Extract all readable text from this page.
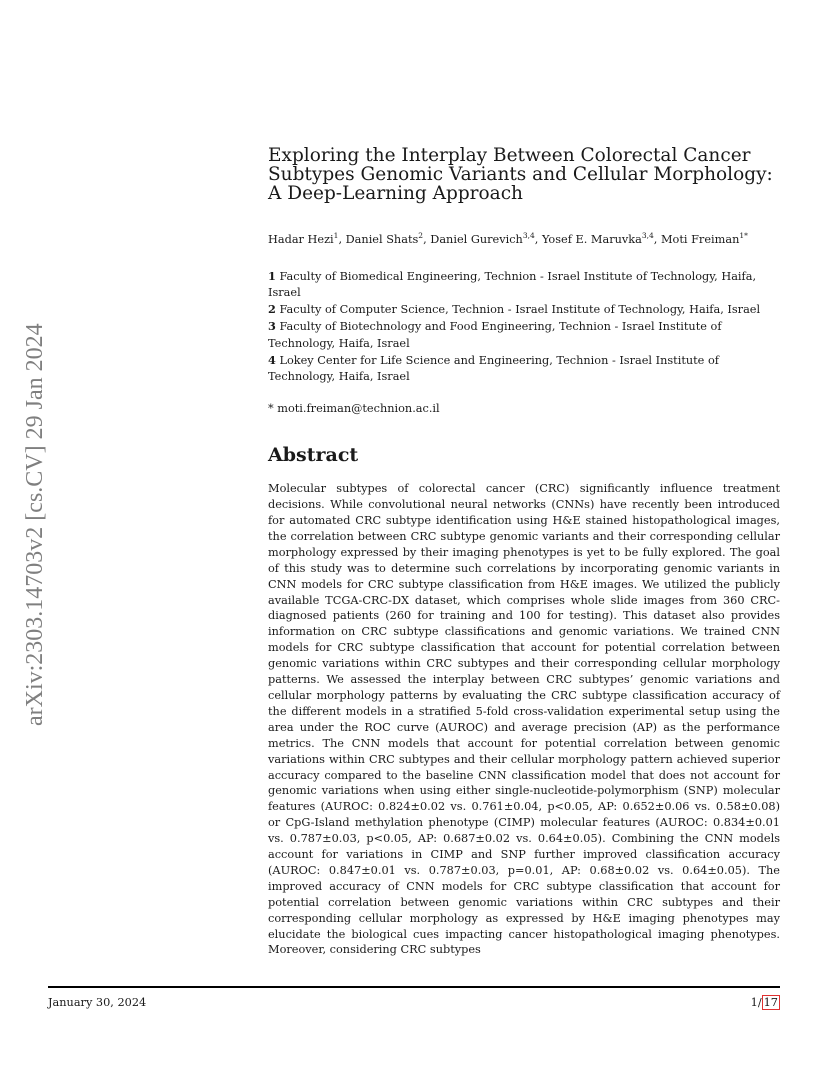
arXiv:2303.14703v2 [cs.CV] 29 Jan 2024
Exploring the Interplay Between Colorectal Cancer Subtypes Genomic Variants and Cellular Morphology: A Deep-Learning Approach
Hadar Hezi$^1$, Daniel Shats$^2$, Daniel Gurevich$^{3,4}$, Yosef E. Maruvka$^{3,4}$, Moti Freiman$^{1*}$
1 Faculty of Biomedical Engineering, Technion - Israel Institute of Technology, Haifa, Israel
2 Faculty of Computer Science, Technion - Israel Institute of Technology, Haifa, Israel
3 Faculty of Biotechnology and Food Engineering, Technion - Israel Institute of Technology, Haifa, Israel
4 Lokey Center for Life Science and Engineering, Technion - Israel Institute of Technology, Haifa, Israel
* moti.freiman@technion.ac.il
Abstract

Molecular subtypes of colorectal cancer (CRC) significantly influence treatment decisions. While convolutional neural networks (CNNs) have recently been introduced for automated CRC subtype identification using H&E stained histopathological images, the correlation between CRC subtype genomic variants and their corresponding cellular morphology expressed by their imaging phenotypes is yet to be fully explored. The goal of this study was to determine such correlations by incorporating genomic variants in CNN models for CRC subtype classification from H&E images. We utilized the publicly available TCGA-CRC-DX dataset, which comprises whole slide images from 360 CRC-diagnosed patients (260 for training and 100 for testing). This dataset also provides information on CRC subtype classifications and genomic variations. We trained CNN models for CRC subtype classification that account for potential correlation between genomic variations within CRC subtypes and their corresponding cellular morphology patterns. We assessed the interplay between CRC subtypes’ genomic variations and cellular morphology patterns by evaluating the CRC subtype classification accuracy of the different models in a stratified 5-fold cross-validation experimental setup using the area under the ROC curve (AUROC) and average precision (AP) as the performance metrics. The CNN models that account for potential correlation between genomic variations within CRC subtypes and their cellular morphology pattern achieved superior accuracy compared to the baseline CNN classification model that does not account for genomic variations when using either single-nucleotide-polymorphism (SNP) molecular features (AUROC: 0.824±0.02 vs. 0.761±0.04, p<0.05, AP: 0.652±0.06 vs. 0.58±0.08) or CpG-Island methylation phenotype (CIMP) molecular features (AUROC: 0.834±0.01 vs. 0.787±0.03, p<0.05, AP: 0.687±0.02 vs. 0.64±0.05). Combining the CNN models account for variations in CIMP and SNP further improved classification accuracy (AUROC: 0.847±0.01 vs. 0.787±0.03, p=0.01, AP: 0.68±0.02 vs. 0.64±0.05). The improved accuracy of CNN models for CRC subtype classification that account for potential correlation between genomic variations within CRC subtypes and their corresponding cellular morphology as expressed by H&E imaging phenotypes may elucidate the biological cues impacting cancer histopathological imaging phenotypes. Moreover, considering CRC subtypes

January 30, 2024	1/ 17
